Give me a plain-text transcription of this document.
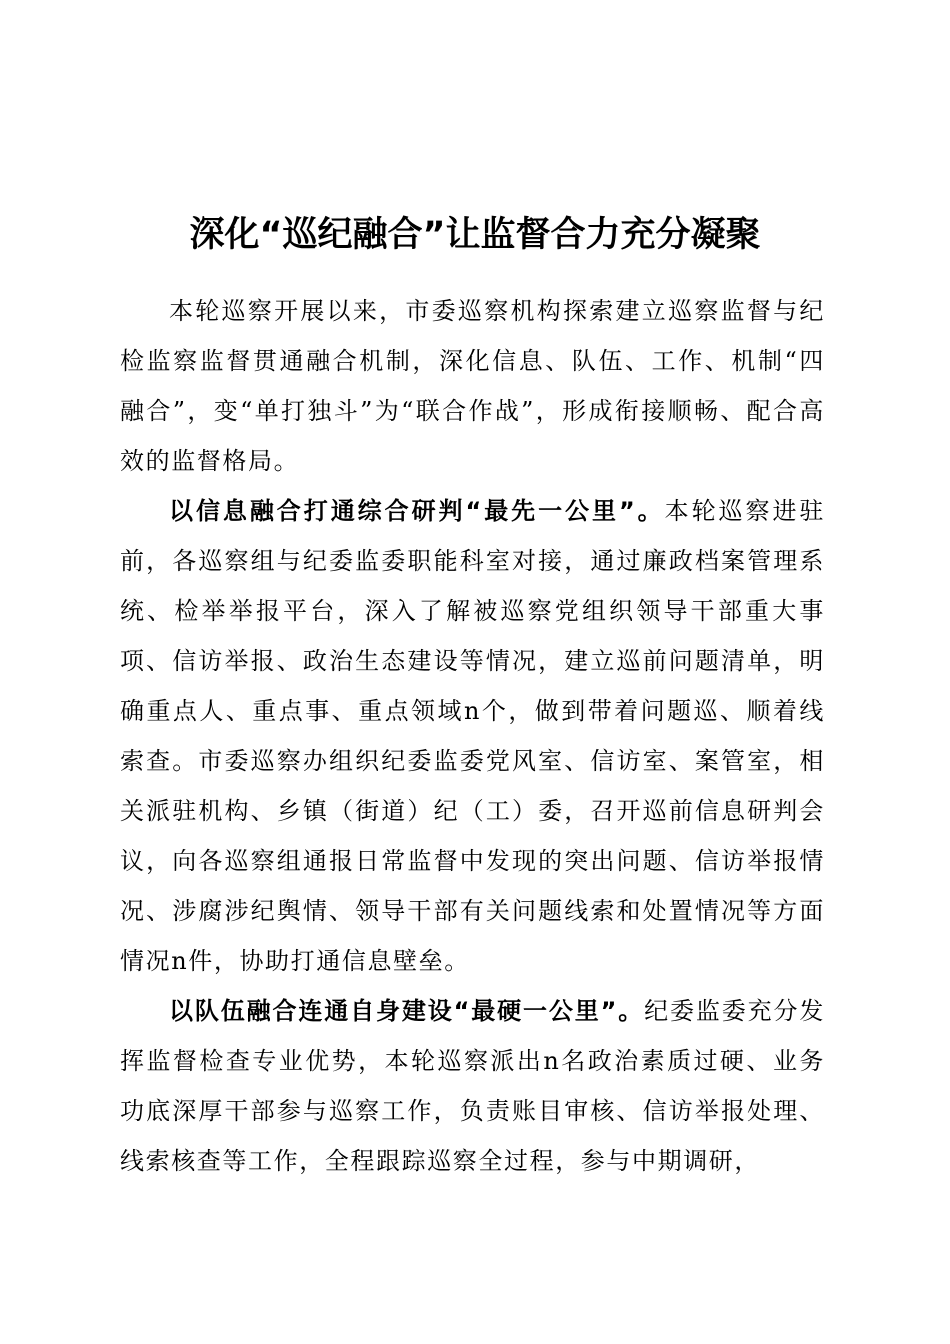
深化“巡纪融合”让监督合力充分凝聚

本轮巡察开展以来，市委巡察机构探索建立巡察监督与纪检监察监督贯通融合机制，深化信息、队伍、工作、机制“四融合”，变“单打独斗”为“联合作战”，形成衔接顺畅、配合高效的监督格局。

以信息融合打通综合研判“最先一公里”。本轮巡察进驻前，各巡察组与纪委监委职能科室对接，通过廉政档案管理系统、检举举报平台，深入了解被巡察党组织领导干部重大事项、信访举报、政治生态建设等情况，建立巡前问题清单，明确重点人、重点事、重点领域n个，做到带着问题巡、顺着线索查。市委巡察办组织纪委监委党风室、信访室、案管室，相关派驻机构、乡镇（街道）纪（工）委，召开巡前信息研判会议，向各巡察组通报日常监督中发现的突出问题、信访举报情况、涉腐涉纪舆情、领导干部有关问题线索和处置情况等方面情况n件，协助打通信息壁垒。

以队伍融合连通自身建设“最硬一公里”。纪委监委充分发挥监督检查专业优势，本轮巡察派出n名政治素质过硬、业务功底深厚干部参与巡察工作，负责账目审核、信访举报处理、线索核查等工作，全程跟踪巡察全过程，参与中期调研，
